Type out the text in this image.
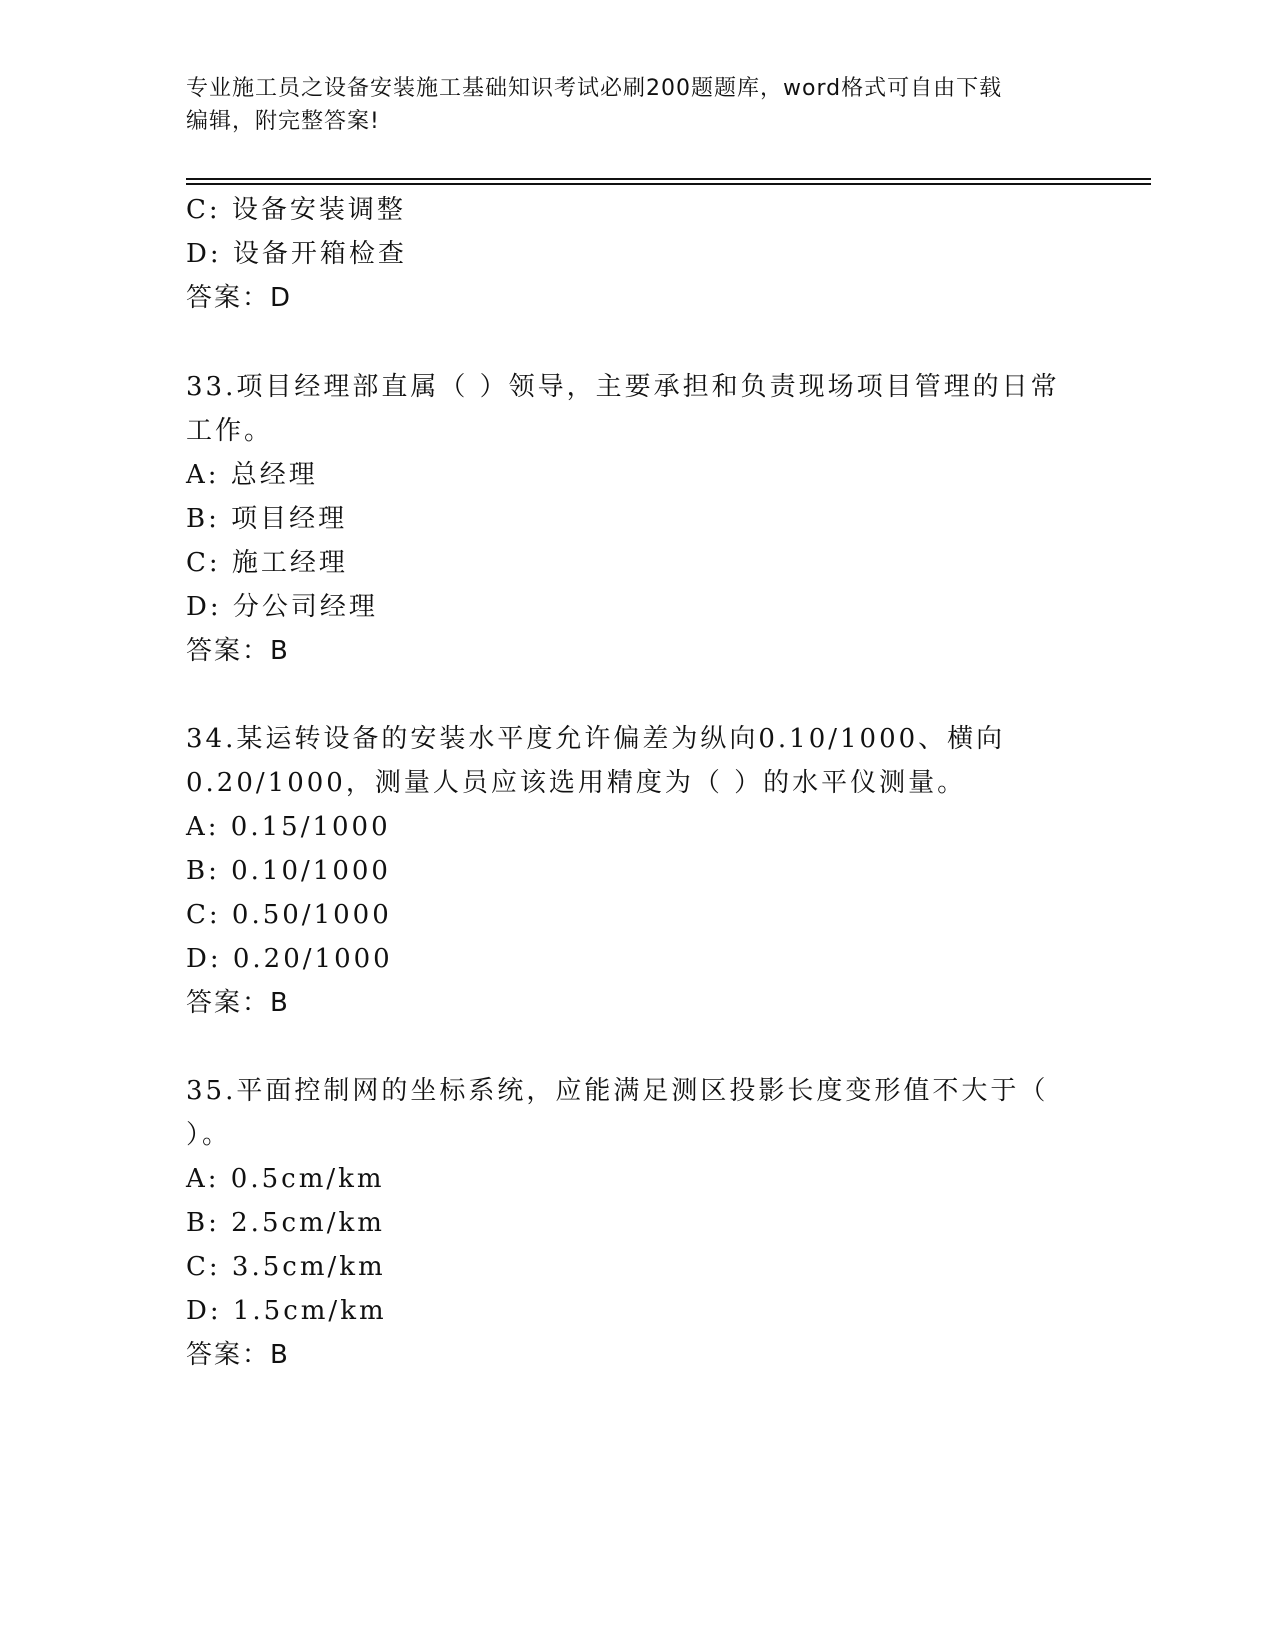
专业施工员之设备安装施工基础知识考试必刷200题题库，word格式可自由下载
编辑，附完整答案!
C: 设备安装调整
D: 设备开箱检查
答案：D
33.项目经理部直属（ ）领导，主要承担和负责现场项目管理的日常
工作。
A: 总经理
B: 项目经理
C: 施工经理
D: 分公司经理
答案：B
34.某运转设备的安装水平度允许偏差为纵向0.10/1000、横向
0.20/1000，测量人员应该选用精度为（ ）的水平仪测量。
A: 0.15/1000
B: 0.10/1000
C: 0.50/1000
D: 0.20/1000
答案：B
35.平面控制网的坐标系统，应能满足测区投影长度变形值不大于（
）。
A: 0.5cm/km
B: 2.5cm/km
C: 3.5cm/km
D: 1.5cm/km
答案：B
